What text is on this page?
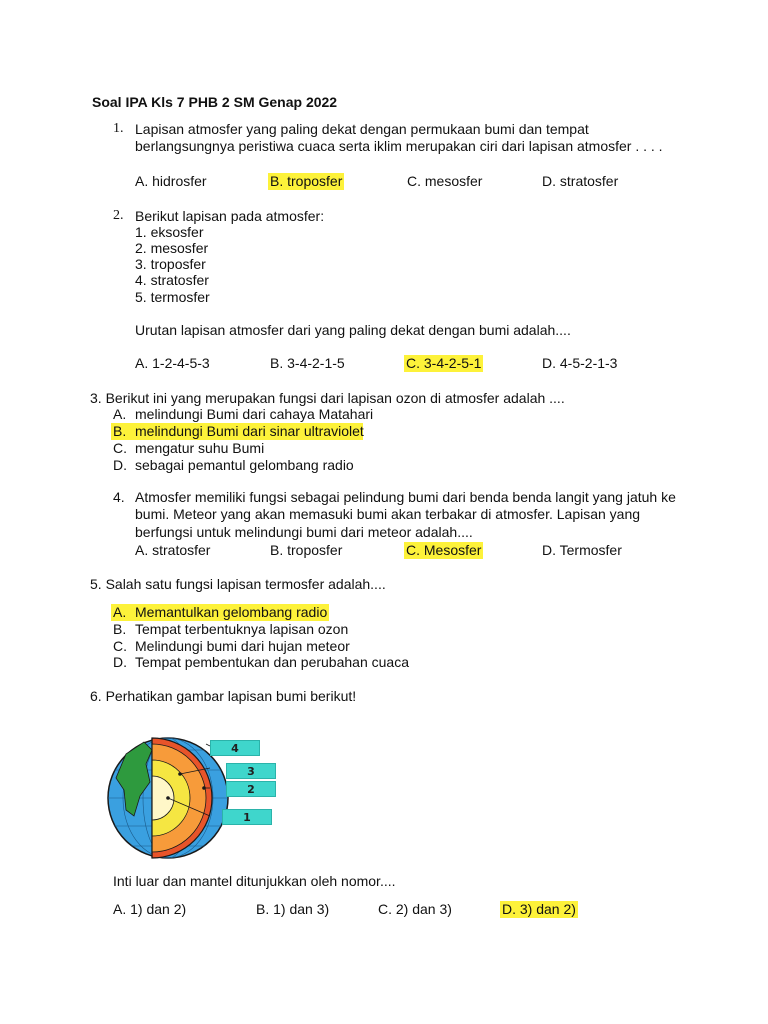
Soal IPA Kls 7 PHB 2 SM Genap 2022
1. Lapisan atmosfer yang paling dekat dengan permukaan bumi dan tempat
berlangsungnya peristiwa cuaca serta iklim merupakan ciri dari lapisan atmosfer . . . .
A. hidrosfer	B. troposfer	C. mesosfer	D. stratosfer
2. Berikut lapisan pada atmosfer:
1. eksosfer
2. mesosfer
3. troposfer
4. stratosfer
5. termosfer
Urutan lapisan atmosfer dari yang paling dekat dengan bumi adalah....
A. 1-2-4-5-3	B. 3-4-2-1-5	C. 3-4-2-5-1	D. 4-5-2-1-3
3. Berikut ini yang merupakan fungsi dari lapisan ozon di atmosfer adalah ....
A. melindungi Bumi dari cahaya Matahari
B. melindungi Bumi dari sinar ultraviolet
C. mengatur suhu Bumi
D. sebagai pemantul gelombang radio
4. Atmosfer memiliki fungsi sebagai pelindung bumi dari benda benda langit yang jatuh ke
bumi. Meteor yang akan memasuki bumi akan terbakar di atmosfer. Lapisan yang
berfungsi untuk melindungi bumi dari meteor adalah....
A. stratosfer	B. troposfer	C. Mesosfer	D. Termosfer
5. Salah satu fungsi lapisan termosfer adalah....
A. Memantulkan gelombang radio
B. Tempat terbentuknya lapisan ozon
C. Melindungi bumi dari hujan meteor
D. Tempat pembentukan dan perubahan cuaca
6. Perhatikan gambar lapisan bumi berikut!
4
3
2
1
Inti luar dan mantel ditunjukkan oleh nomor....
A. 1) dan 2)	B. 1) dan 3)	C. 2) dan 3)	D. 3) dan 2)
